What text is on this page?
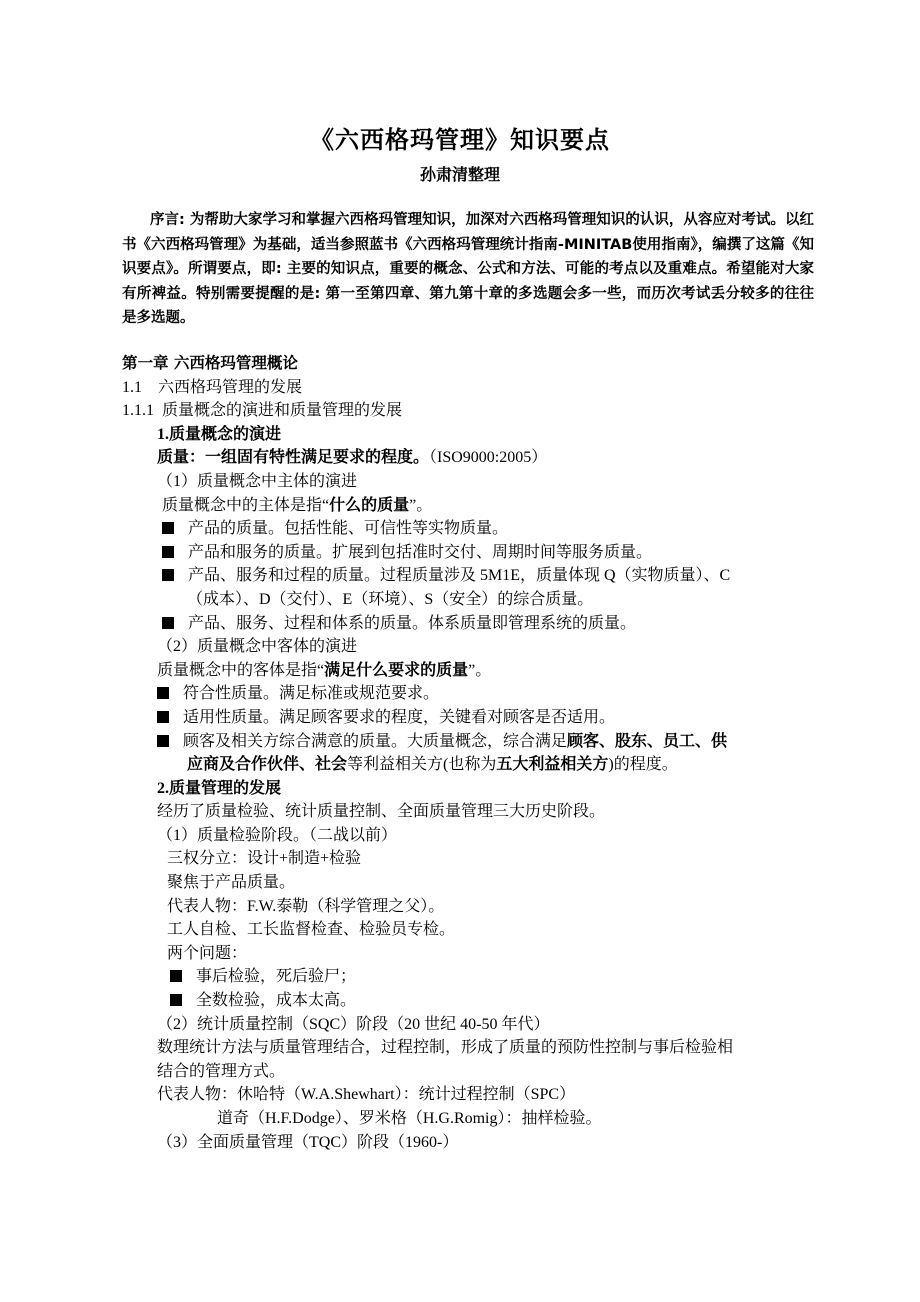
《六西格玛管理》知识要点
孙肃清整理
序言: 为帮助大家学习和掌握六西格玛管理知识，加深对六西格玛管理知识的认识，从容应对考试。以红书《六西格玛管理》为基础，适当参照蓝书《六西格玛管理统计指南-MINITAB使用指南》，编撰了这篇《知识要点》。所谓要点，即: 主要的知识点，重要的概念、公式和方法、可能的考点以及重难点。希望能对大家有所裨益。特别需要提醒的是: 第一至第四章、第九第十章的多选题会多一些，而历次考试丢分较多的往往是多选题。
第一章 六西格玛管理概论
1.1    六西格玛管理的发展
1.1.1  质量概念的演进和质量管理的发展
1.质量概念的演进
质量：一组固有特性满足要求的程度。（ISO9000:2005）
（1）质量概念中主体的演进
质量概念中的主体是指“什么的质量”。
产品的质量。包括性能、可信性等实物质量。
产品和服务的质量。扩展到包括准时交付、周期时间等服务质量。
产品、服务和过程的质量。过程质量涉及 5M1E，质量体现 Q（实物质量）、C
（成本）、D（交付）、E（环境）、S（安全）的综合质量。
产品、服务、过程和体系的质量。体系质量即管理系统的质量。
（2）质量概念中客体的演进
质量概念中的客体是指“满足什么要求的质量”。
符合性质量。满足标准或规范要求。
适用性质量。满足顾客要求的程度，关键看对顾客是否适用。
顾客及相关方综合满意的质量。大质量概念，综合满足顾客、股东、员工、供
应商及合作伙伴、社会等利益相关方(也称为五大利益相关方)的程度。
2.质量管理的发展
经历了质量检验、统计质量控制、全面质量管理三大历史阶段。
（1）质量检验阶段。（二战以前）
三权分立：设计+制造+检验
聚焦于产品质量。
代表人物：F.W.泰勒（科学管理之父）。
工人自检、工长监督检查、检验员专检。
两个问题：
事后检验，死后验尸；
全数检验，成本太高。
（2）统计质量控制（SQC）阶段（20 世纪 40-50 年代）
数理统计方法与质量管理结合，过程控制，形成了质量的预防性控制与事后检验相
结合的管理方式。
代表人物：休哈特（W.A.Shewhart）：统计过程控制（SPC）
道奇（H.F.Dodge）、罗米格（H.G.Romig）：抽样检验。
（3）全面质量管理（TQC）阶段（1960-）
